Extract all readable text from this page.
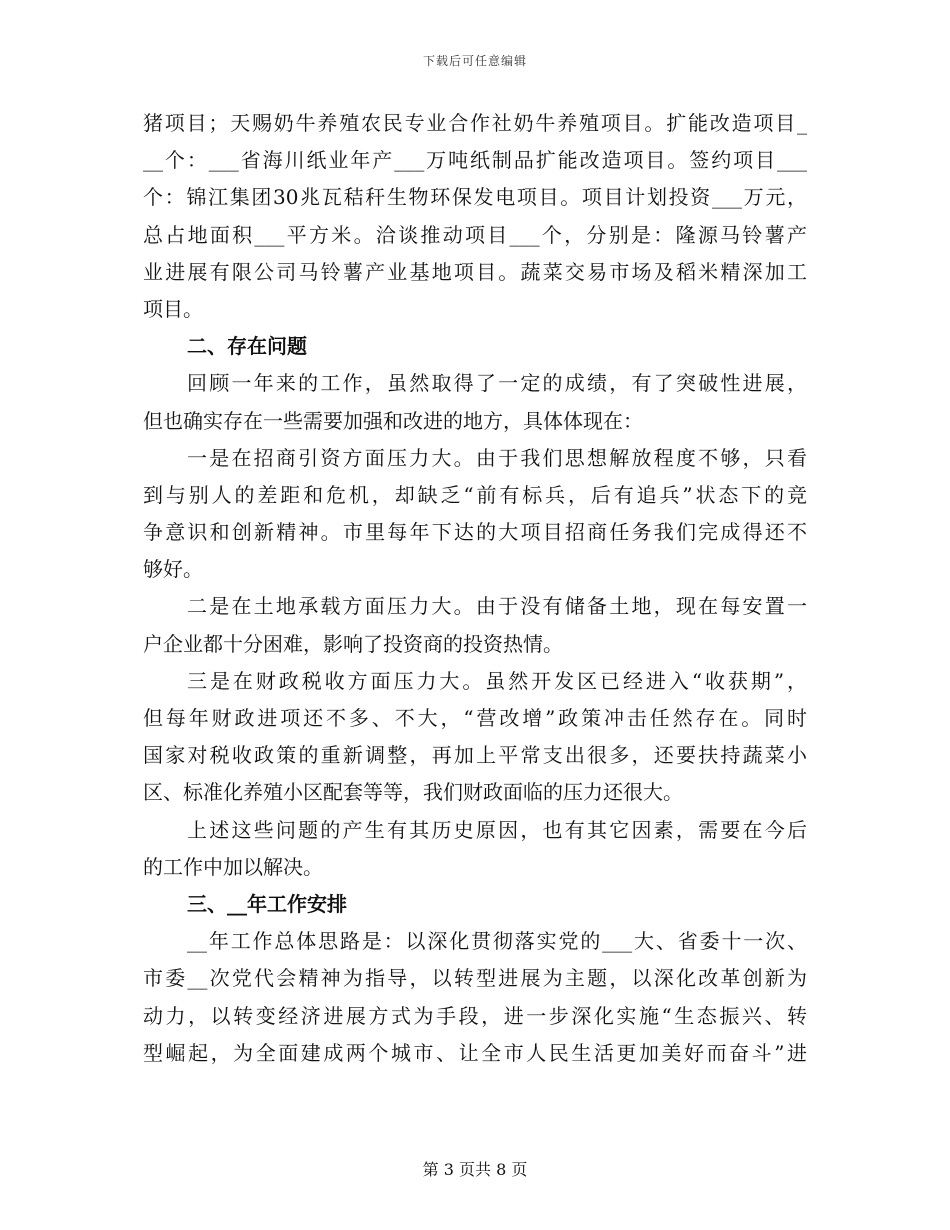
下载后可任意编辑
猪项目；天赐奶牛养殖农民专业合作社奶牛养殖项目。扩能改造项目_
__个：___省海川纸业年产___万吨纸制品扩能改造项目。签约项目___
个：锦江集团30兆瓦秸秆生物环保发电项目。项目计划投资___万元，
总占地面积___平方米。洽谈推动项目___个，分别是：隆源马铃薯产
业进展有限公司马铃薯产业基地项目。蔬菜交易市场及稻米精深加工
项目。
二、存在问题
回顾一年来的工作，虽然取得了一定的成绩，有了突破性进展，
但也确实存在一些需要加强和改进的地方，具体体现在：
一是在招商引资方面压力大。由于我们思想解放程度不够，只看
到与别人的差距和危机，却缺乏“前有标兵，后有追兵”状态下的竞
争意识和创新精神。市里每年下达的大项目招商任务我们完成得还不
够好。
二是在土地承载方面压力大。由于没有储备土地，现在每安置一
户企业都十分困难，影响了投资商的投资热情。
三是在财政税收方面压力大。虽然开发区已经进入“收获期”，
但每年财政进项还不多、不大，“营改增”政策冲击任然存在。同时
国家对税收政策的重新调整，再加上平常支出很多，还要扶持蔬菜小
区、标准化养殖小区配套等等，我们财政面临的压力还很大。
上述这些问题的产生有其历史原因，也有其它因素，需要在今后
的工作中加以解决。
三、__年工作安排
__年工作总体思路是：以深化贯彻落实党的___大、省委十一次、
市委__次党代会精神为指导，以转型进展为主题，以深化改革创新为
动力，以转变经济进展方式为手段，进一步深化实施“生态振兴、转
型崛起，为全面建成两个城市、让全市人民生活更加美好而奋斗”进
第 3 页共 8 页
